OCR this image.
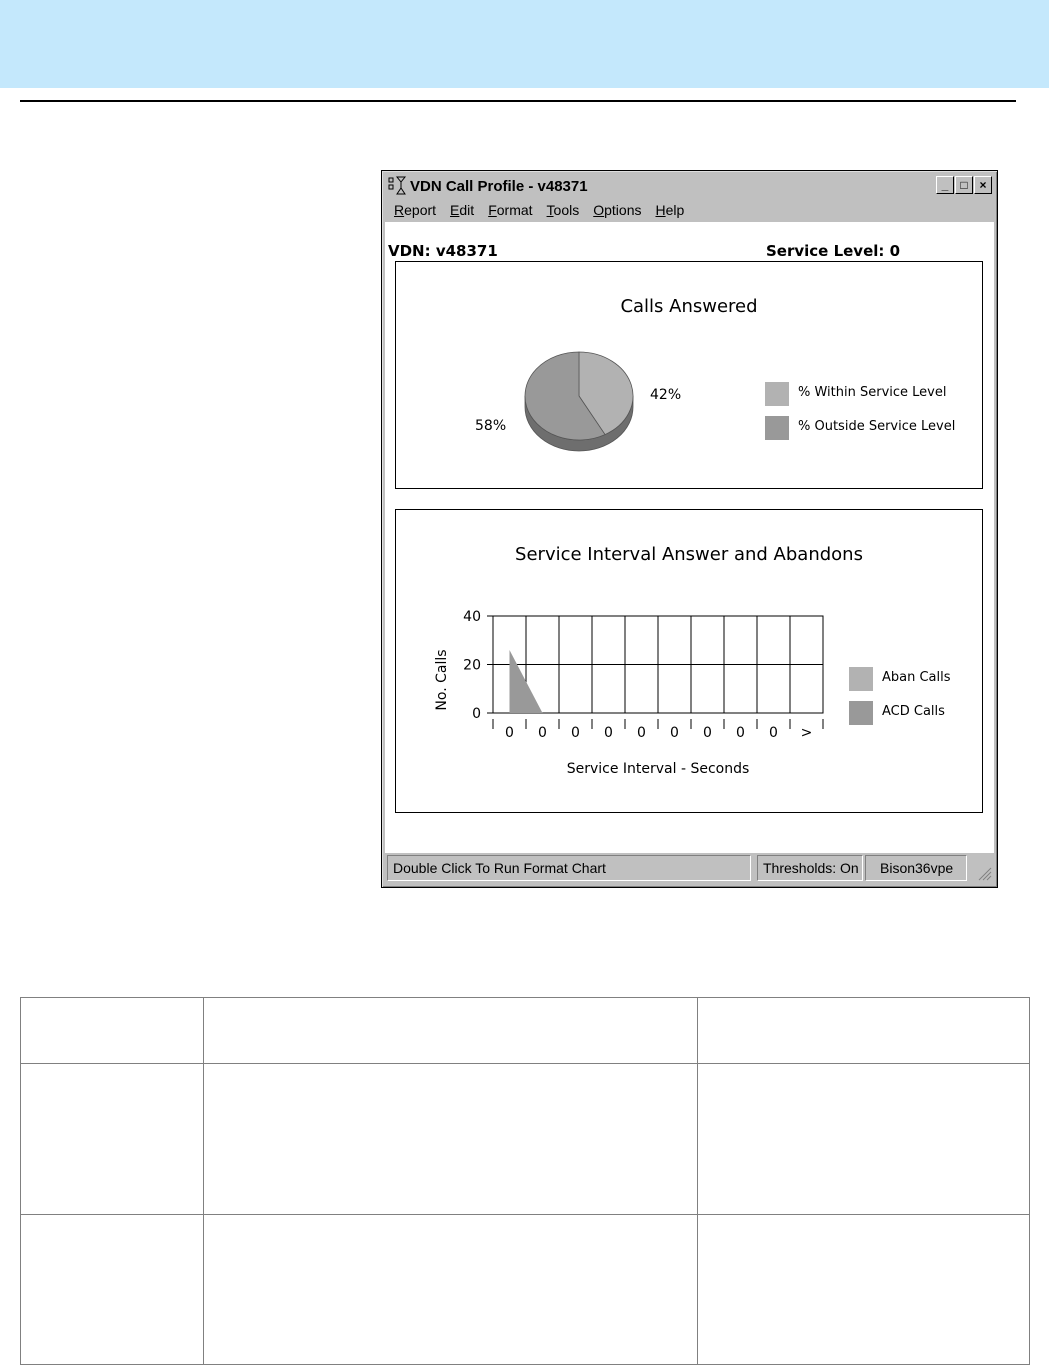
VDN Call Profile - v48371	_	□ ×
Report Edit Format Tools Options Help
VDN: v48371	Service Level: 0
Calls Answered
42%
58%
% Within Service Level
% Outside Service Level
Service Interval Answer and Abandons
0
20
40
0 0 0 0 0 0 0 0 0 >
No. Calls
Service Interval - Seconds
Aban Calls
ACD Calls
Double Click To Run Format Chart	Thresholds: On	Bison36vpe
